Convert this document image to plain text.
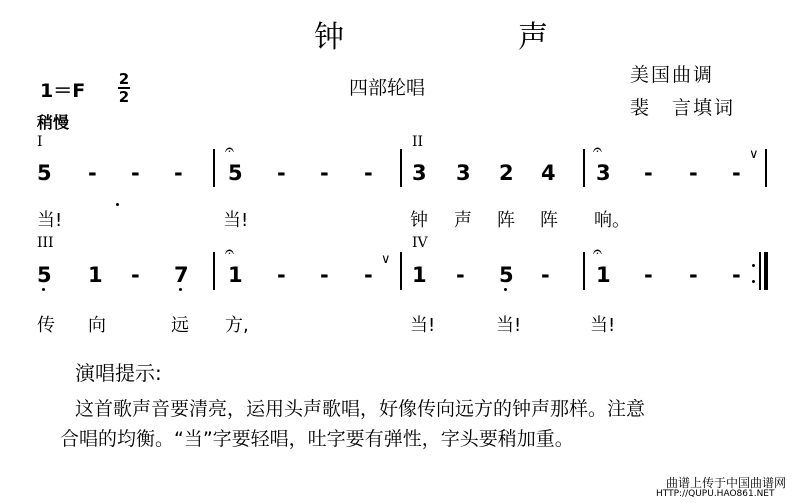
钟　声
1＝F
2
2
稍慢
四部轮唱
美国曲调
裴　言填词
I	II
5 - - -
𝄐
5 - - - 3 3 2 4
𝄐
3 - - -
∨
当!	当!	钟 声 阵 阵 响。
III	IV
5 1 - 7
𝄐
1 - - -
∨
1 - 5 -
𝄐
1 - - -
传 向	远 方,	当!	当!	当!
演唱提示:
这首歌声音要清亮，运用头声歌唱，好像传向远方的钟声那样。注意
合唱的均衡。“当”字要轻唱，吐字要有弹性，字头要稍加重。
曲谱上传于中国曲谱网
HTTP://QUPU.HAO861.NET
